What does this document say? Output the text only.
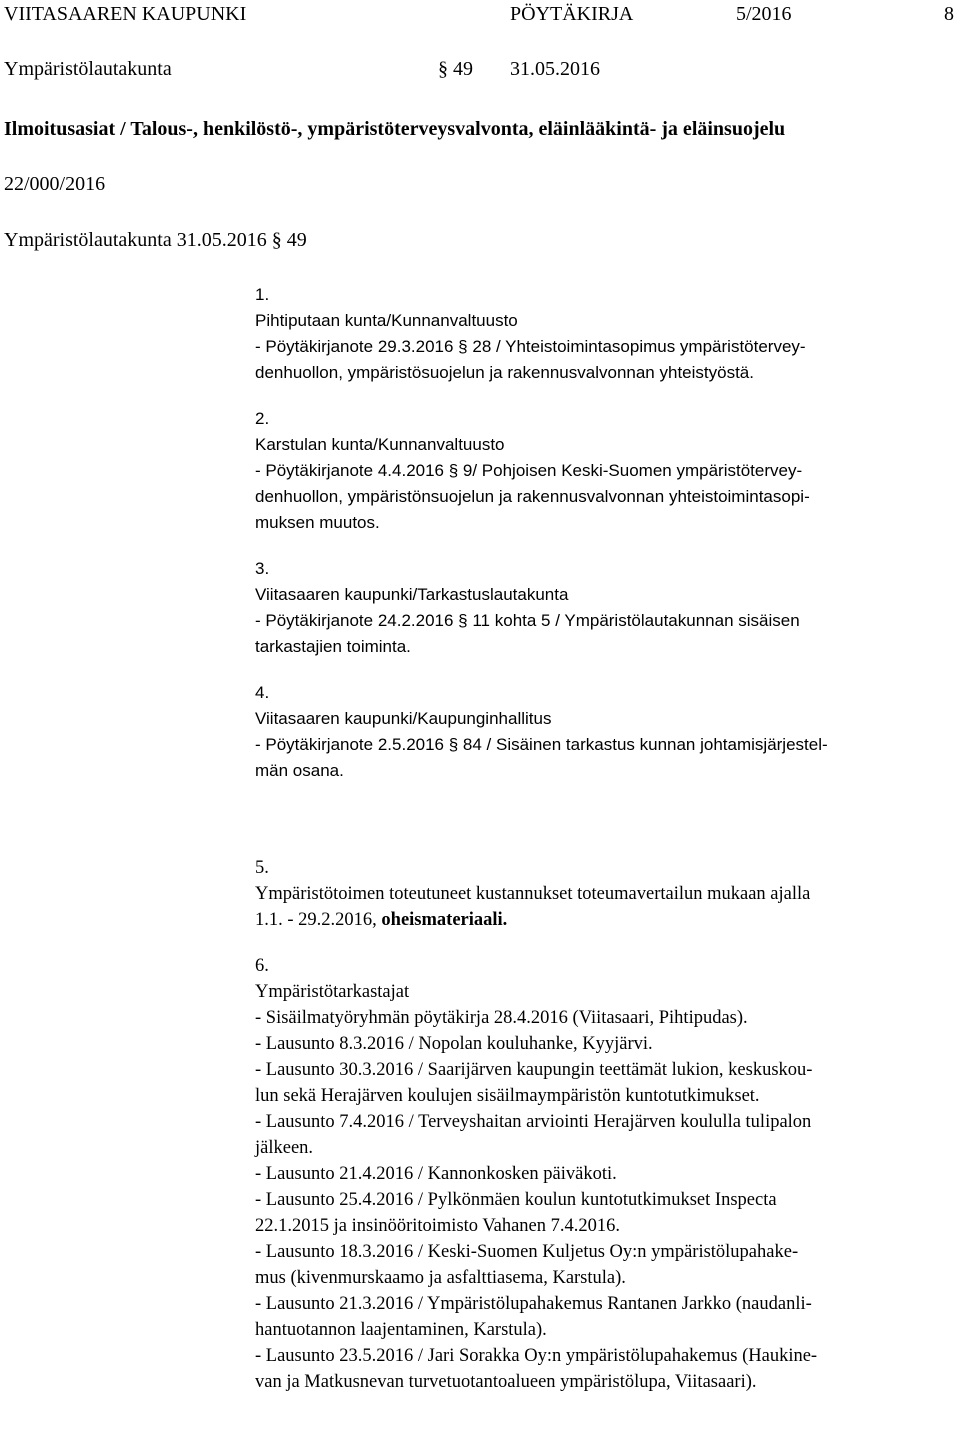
VIITASAAREN KAUPUNKI	PÖYTÄKIRJA	5/2016	8
Ympäristölautakunta	§ 49 31.05.2016
Ilmoitusasiat / Talous-, henkilöstö-, ympäristöterveysvalvonta, eläinlääkintä- ja eläinsuojelu
22/000/2016
Ympäristölautakunta 31.05.2016 § 49
1.
Pihtiputaan kunta/Kunnanvaltuusto
- Pöytäkirjanote 29.3.2016 § 28 / Yhteistoimintasopimus ympäristötervey-
denhuollon, ympäristösuojelun ja rakennusvalvonnan yhteistyöstä.
2.
Karstulan kunta/Kunnanvaltuusto
- Pöytäkirjanote 4.4.2016 § 9/ Pohjoisen Keski-Suomen ympäristötervey-
denhuollon, ympäristönsuojelun ja rakennusvalvonnan yhteistoimintasopi-
muksen muutos.
3.
Viitasaaren kaupunki/Tarkastuslautakunta
- Pöytäkirjanote 24.2.2016 § 11 kohta 5 / Ympäristölautakunnan sisäisen
tarkastajien toiminta.
4.
Viitasaaren kaupunki/Kaupunginhallitus
- Pöytäkirjanote 2.5.2016 § 84 / Sisäinen tarkastus kunnan johtamisjärjestel-
män osana.
5.
Ympäristötoimen toteutuneet kustannukset toteumavertailun mukaan ajalla
1.1. - 29.2.2016, oheismateriaali.
6.
Ympäristötarkastajat
- Sisäilmatyöryhmän pöytäkirja 28.4.2016 (Viitasaari, Pihtipudas).
- Lausunto 8.3.2016 / Nopolan kouluhanke, Kyyjärvi.
- Lausunto 30.3.2016 / Saarijärven kaupungin teettämät lukion, keskuskou-
lun sekä Herajärven koulujen sisäilmaympäristön kuntotutkimukset.
- Lausunto 7.4.2016 / Terveyshaitan arviointi Herajärven koululla tulipalon
jälkeen.
- Lausunto 21.4.2016 / Kannonkosken päiväkoti.
- Lausunto 25.4.2016 / Pylkönmäen koulun kuntotutkimukset Inspecta
22.1.2015 ja insinööritoimisto Vahanen 7.4.2016.
- Lausunto 18.3.2016 / Keski-Suomen Kuljetus Oy:n ympäristölupahake-
mus (kivenmurskaamo ja asfalttiasema, Karstula).
- Lausunto 21.3.2016 / Ympäristölupahakemus Rantanen Jarkko (naudanli-
hantuotannon laajentaminen, Karstula).
- Lausunto 23.5.2016 / Jari Sorakka Oy:n ympäristölupahakemus (Haukine-
van ja Matkusnevan turvetuotantoalueen ympäristölupa, Viitasaari).
